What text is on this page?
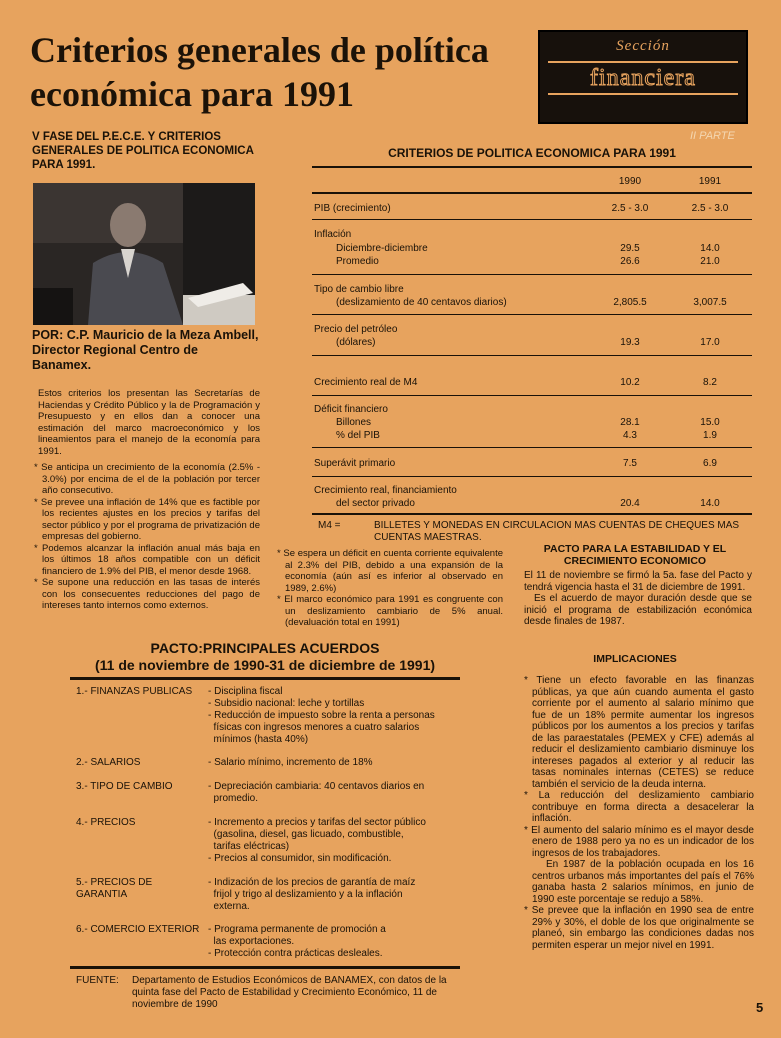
Criterios generales de política económica para 1991
Sección
financiera
II PARTE
V FASE DEL P.E.C.E. Y CRITERIOS GENERALES DE POLITICA ECONOMICA PARA 1991.
POR: C.P. Mauricio de la Meza Ambell, Director Regional Centro de Banamex.
Estos criterios los presentan las Secretarías de Haciendas y Crédito Público y la de Programación y Presupuesto y en ellos dan a conocer una estimación del marco macroeconómico y los lineamientos para el manejo de la economía para 1991.
* Se anticipa un crecimiento de la economía (2.5% - 3.0%) por encima de el de la población por tercer año consecutivo.
* Se prevee una inflación de 14% que es factible por los recientes ajustes en los precios y tarifas del sector público y por el programa de privatización de empresas del gobierno.
* Podemos alcanzar la inflación anual más baja en los últimos 18 años compatible con un déficit financiero de 1.9% del PIB, el menor desde 1968.
* Se supone una reducción en las tasas de interés con los consecuentes reducciones del pago de intereses tanto internos como externos.
CRITERIOS DE POLITICA ECONOMICA PARA 1991
1990	1991
PIB (crecimiento)	2.5 - 3.0	2.5 - 3.0
Inflación
Diciembre-diciembre	29.5	14.0
Promedio	26.6	21.0
Tipo de cambio libre
(deslizamiento de 40 centavos diarios)	2,805.5	3,007.5
Precio del petróleo
(dólares)	19.3	17.0
Crecimiento real de M4	10.2	8.2
Déficit financiero
Billones	28.1	15.0
% del PIB	4.3	1.9
Superávit primario	7.5	6.9
Crecimiento real, financiamiento
del sector privado	20.4	14.0
M4 =	BILLETES Y MONEDAS EN CIRCULACION MAS CUENTAS DE CHEQUES MAS CUENTAS MAESTRAS.
* Se espera un déficit en cuenta corriente equivalente al 2.3% del PIB, debido a una expansión de la economía (aún así es inferior al observado en 1989, 2.6%)
* El marco económico para 1991 es congruente con un deslizamiento cambiario de 5% anual. (devaluación total en 1991)
PACTO PARA LA ESTABILIDAD Y EL CRECIMIENTO ECONOMICO
El 11 de noviembre se firmó la 5a. fase del Pacto y tendrá vigencia hasta el 31 de diciembre de 1991.
Es el acuerdo de mayor duración desde que se inició el programa de estabilización económica desde finales de 1987.
IMPLICACIONES
* Tiene un efecto favorable en las finanzas públicas, ya que aún cuando aumenta el gasto corriente por el aumento al salario mínimo que fue de un 18% permite aumentar los ingresos públicos por los aumentos a los precios y tarifas de las paraestatales (PEMEX y CFE) además al reducir el deslizamiento cambiario disminuye los intereses pagados al exterior y al reducir las tasas nominales internas (CETES) se reduce también el servicio de la deuda interna.
* La reducción del deslizamiento cambiario contribuye en forma directa a desacelerar la inflación.
* El aumento del salario mínimo es el mayor desde enero de 1988 pero ya no es un indicador de los ingresos de los trabajadores.
En 1987 de la población ocupada en los 16 centros urbanos más importantes del país el 76% ganaba hasta 2 salarios mínimos, en junio de 1990 este porcentaje se redujo a 58%.
* Se prevee que la inflación en 1990 sea de entre 29% y 30%, el doble de los que originalmente se planeó, sin embargo las condiciones dadas nos permiten esperar un mejor nivel en 1991.
PACTO:PRINCIPALES ACUERDOS
(11 de noviembre de 1990-31 de diciembre de 1991)
1.- FINANZAS PUBLICAS	- Disciplina fiscal
- Subsidio nacional: leche y tortillas
- Reducción de impuesto sobre la renta a personas
físicas con ingresos menores a cuatro salarios
mínimos (hasta 40%)
2.- SALARIOS	- Salario mínimo, incremento de 18%
3.- TIPO DE CAMBIO	- Depreciación cambiaria: 40 centavos diarios en
promedio.
4.- PRECIOS	- Incremento a precios y tarifas del sector público
(gasolina, diesel, gas licuado, combustible,
tarifas eléctricas)
- Precios al consumidor, sin modificación.
5.- PRECIOS DE GARANTIA
- Indización de los precios de garantía de maíz
frijol y trigo al deslizamiento y a la inflación
externa.
6.- COMERCIO EXTERIOR - Programa permanente de promoción a
las exportaciones.
- Protección contra prácticas desleales.
FUENTE: Departamento de Estudios Económicos de BANAMEX, con datos de la quinta fase del Pacto de Estabilidad y Crecimiento Económico, 11 de noviembre de 1990	5
